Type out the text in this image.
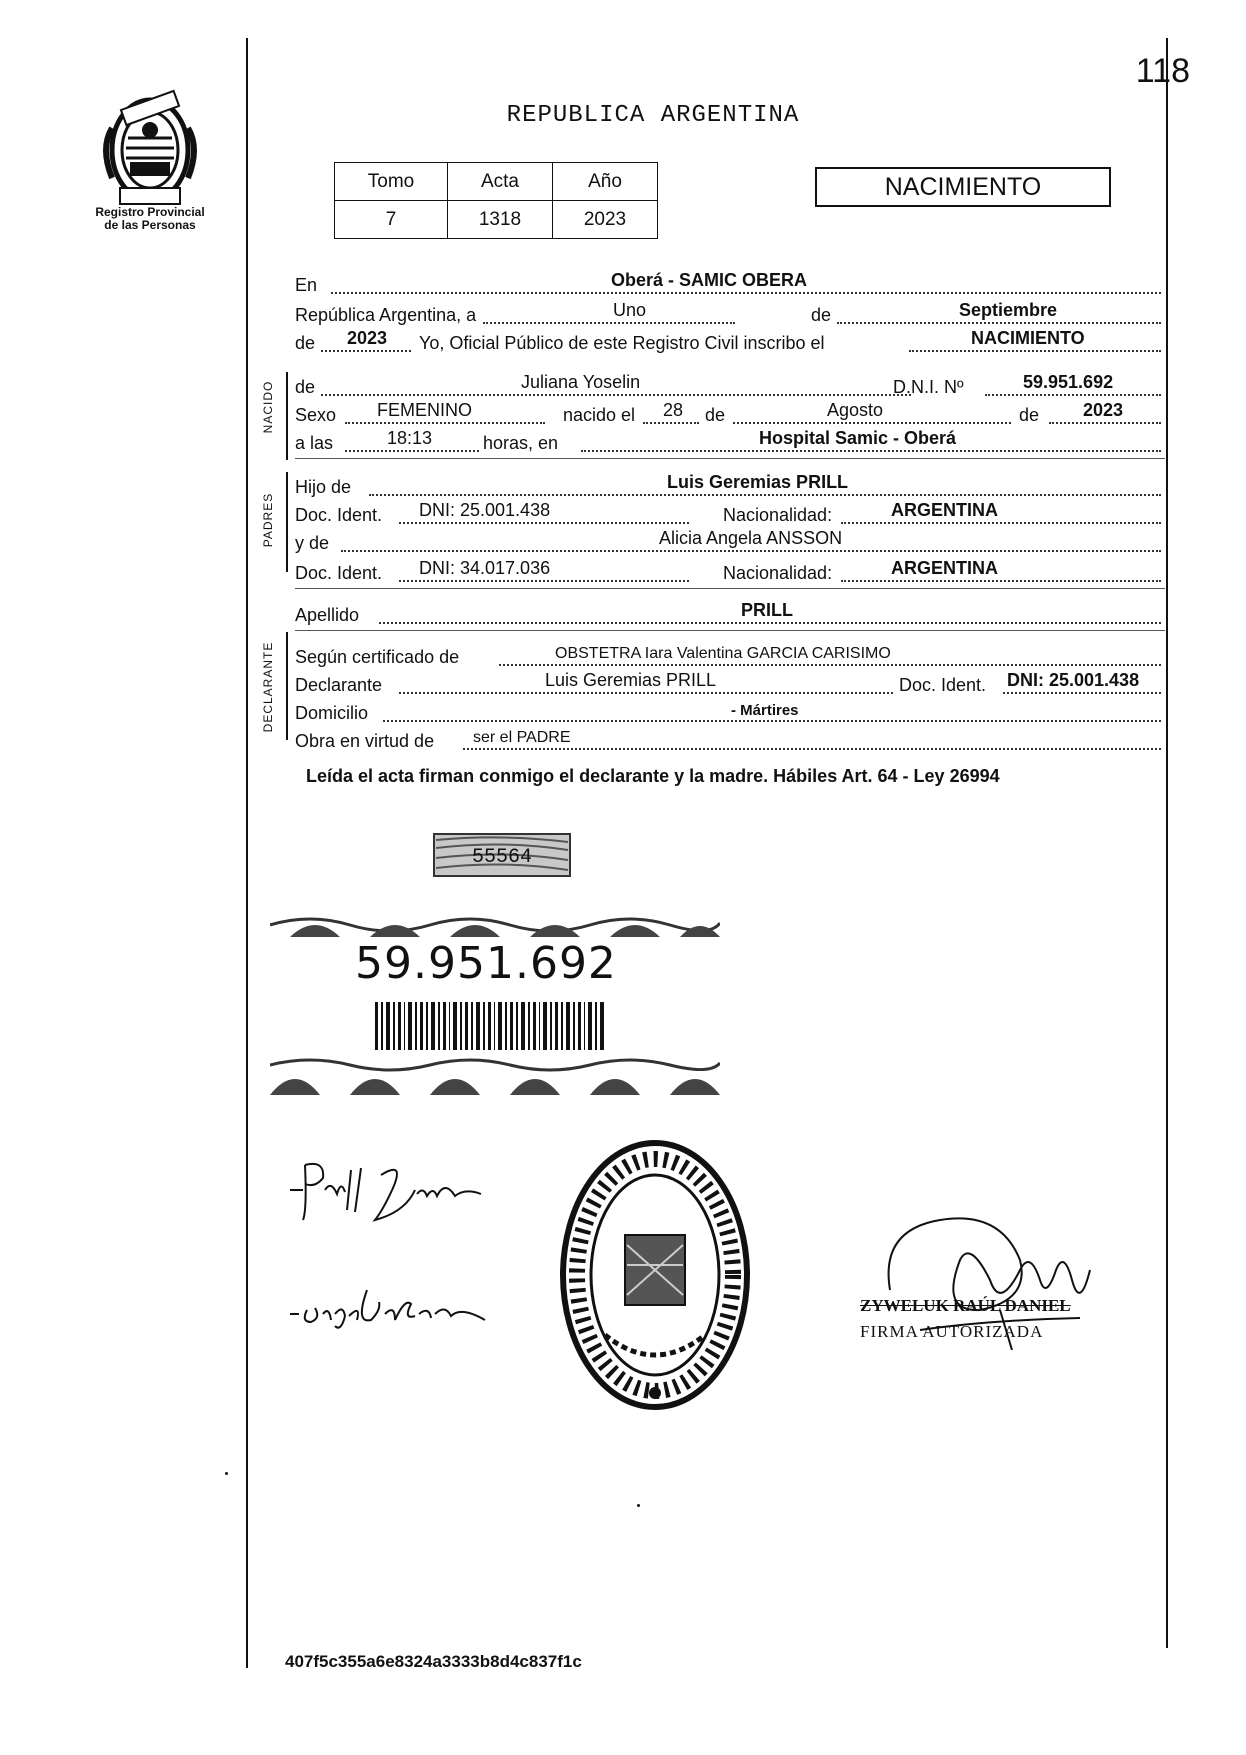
118
Registro Provincial
de las Personas
REPUBLICA ARGENTINA
Tomo	Acta	Año
7	1318	2023
NACIMIENTO
NACIDO
PADRES
DECLARANTE
En	Oberá - SAMIC OBERA
República Argentina, a	Uno	de	Septiembre
de 2023 Yo, Oficial Público de este Registro Civil inscribo el	NACIMIENTO
de	Juliana Yoselin	D.N.I. Nº	59.951.692
Sexo FEMENINO	nacido el 28 de	Agosto	de 2023
a las	18:13	horas, en	Hospital Samic - Oberá
Hijo de	Luis Geremias PRILL
Doc. Ident. DNI: 25.001.438	Nacionalidad:	ARGENTINA
y de	Alicia Angela ANSSON
Doc. Ident. DNI: 34.017.036	Nacionalidad:	ARGENTINA
Apellido	PRILL
Según certificado de	OBSTETRA Iara Valentina GARCIA CARISIMO
Declarante	Luis Geremias PRILL	Doc. Ident. DNI: 25.001.438
Domicilio	- Mártires
Obra en virtud de ser el PADRE
Leída el acta firman conmigo el declarante y la madre. Hábiles Art. 64 - Ley 26994
55564
59.951.692
ZYWELUK RAÚL DANIEL
FIRMA AUTORIZADA
407f5c355a6e8324a3333b8d4c837f1c
